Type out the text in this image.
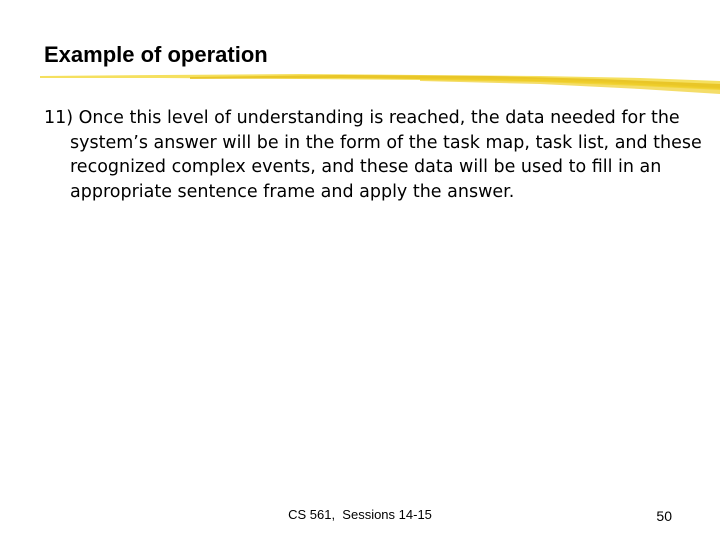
Example of operation

11) Once this level of understanding is reached, the data needed for the system’s answer will be in the form of the task map, task list, and these recognized complex events, and these data will be used to fill in an appropriate sentence frame and apply the answer.

CS 561,  Sessions 14-15	50
